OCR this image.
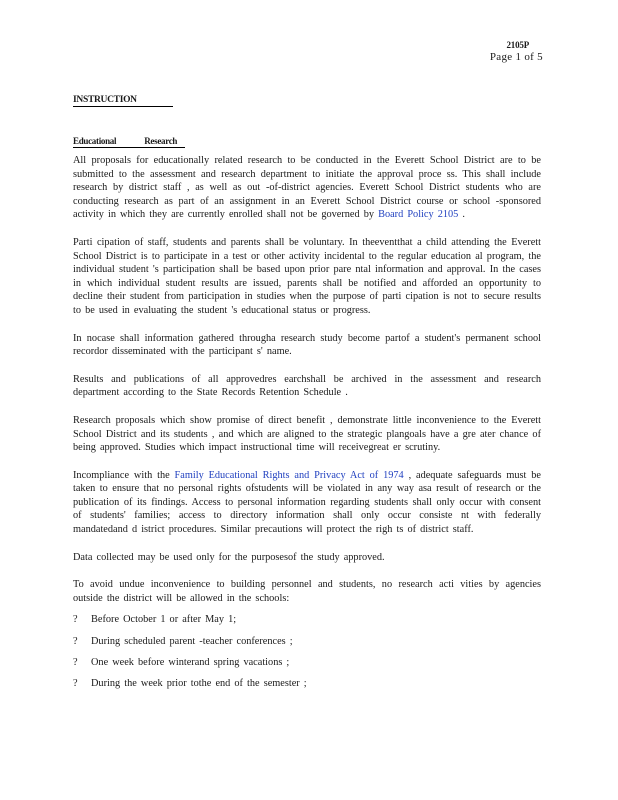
2105P
Page 1 of 5
INSTRUCTION
Educational	Research

All proposals for educationally related research to be conducted in the Everett School District are to be submitted to the assessment and research department to initiate the approval proce ss. This shall include research by district staff , as well as out -of-district agencies. Everett School District students who are conducting research as part of an assignment in an Everett School District course or school -sponsored activity in which they are currently enrolled shall not be governed by Board Policy 2105 .

Parti cipation of staff, students and parents shall be voluntary. In theeventthat a child attending the Everett School District is to participate in a test or other activity incidental to the regular education al program, the individual student 's participation shall be based upon prior pare ntal information and approval. In the cases in which individual student results are issued, parents shall be notified and afforded an opportunity to decline their student from participation in studies when the purpose of parti cipation is not to secure results to be used in evaluating the student 's educational status or progress.

In nocase shall information gathered througha research study become partof a student's permanent school recordor disseminated with the participant s' name.

Results and publications of all approvedres earchshall be archived in the assessment and research department according to the State Records Retention Schedule .

Research proposals which show promise of direct benefit , demonstrate little inconvenience to the Everett School District and its students , and which are aligned to the strategic plangoals have a gre ater chance of being approved. Studies which impact instructional time will receivegreat er scrutiny.

Incompliance with the Family Educational Rights and Privacy Act of 1974 , adequate safeguards must be taken to ensure that no personal rights ofstudents will be violated in any way asa result of research or the publication of its findings. Access to personal information regarding students shall only occur with consent of students' families; access to directory information shall only occur consiste nt with federally mandatedand d istrict procedures. Similar precautions will protect the righ ts of district staff.

Data collected may be used only for the purposesof the study approved.

To avoid undue inconvenience to building personnel and students, no research acti vities by agencies outside the district will be allowed in the schools:

? Before October 1 or after May 1;
? During scheduled parent -teacher conferences ;
? One week before winterand spring vacations ;
? During the week prior tothe end of the semester ;
